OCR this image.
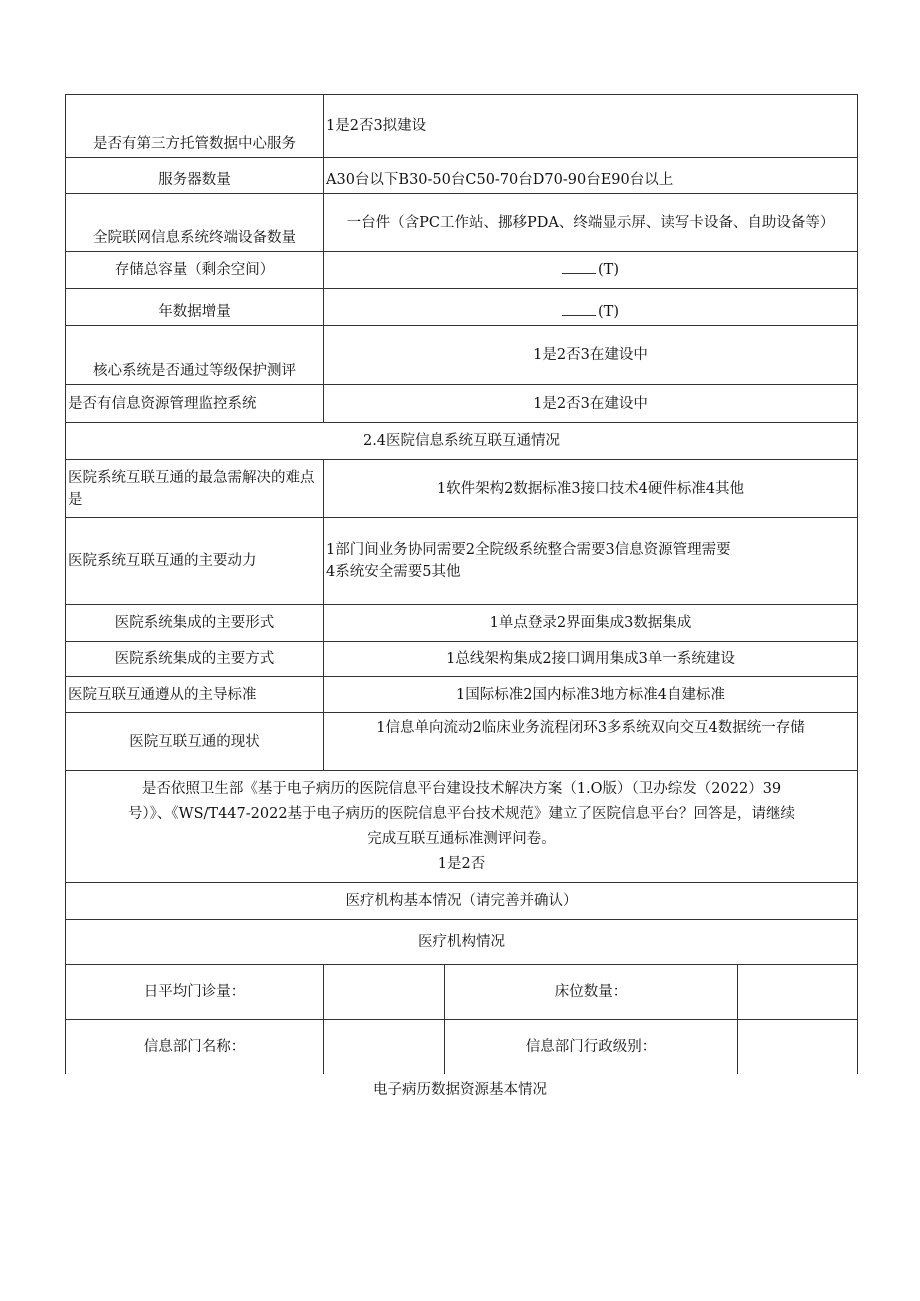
是否有第三方托管数据中心服务	1是2否3拟建设		
服务器数量	A30台以下B30-50台C50-70台D70-90台E90台以上		
全院联网信息系统终端设备数量	一台件（含PC工作站、挪移PDA、终端显示屏、读写卡设备、自助设备等）		
存储总容量（剩余空间）	(T)		
年数据增量	(T)		
核心系统是否通过等级保护测评	1是2否3在建设中		
是否有信息资源管理监控系统	1是2否3在建设中		
2.4医院信息系统互联互通情况			
医院系统互联互通的最急需解决的难点是	1软件架构2数据标准3接口技术4硬件标准4其他		
医院系统互联互通的主要动力	1部门间业务协同需要2全院级系统整合需要3信息资源管理需要
4系统安全需要5其他		

医院系统集成的主要形式	1单点登录2界面集成3数据集成		
医院系统集成的主要方式	1总线架构集成2接口调用集成3单一系统建设		
医院互联互通遵从的主导标准	1国际标准2国内标准3地方标准4自建标准		
医院互联互通的现状	1信息单向流动2临床业务流程闭环3多系统双向交互4数据统一存储		

是否依照卫生部《基于电子病历的医院信息平台建设技术解决方案（1.O版）（卫办综发（2022）39
号）》、《WS/T447-2022基于电子病历的医院信息平台技术规范》建立了医院信息平台？回答是，请继续
完成互联互通标准测评问卷。
1是2否			

医疗机构基本情况（请完善并确认）			
医疗机构情况			
日平均门诊量：		床位数量：	
信息部门名称：		信息部门行政级别：	
电子病历数据资源基本情况
